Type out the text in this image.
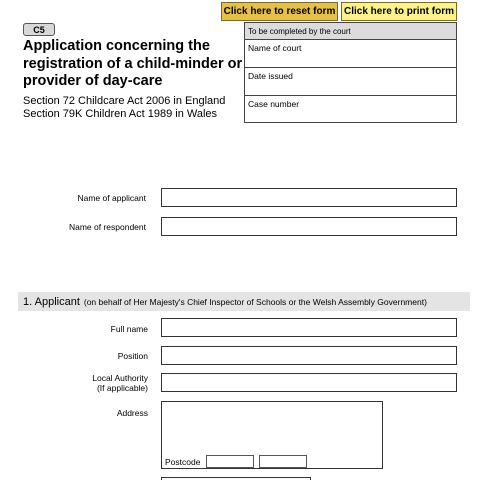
Click here to reset form Click here to print form
C5
Application concerning the registration of a child-minder or provider of day-care
Section 72 Childcare Act 2006 in England
Section 79K Children Act 1989 in Wales
To be completed by the court
Name of court
Date issued
Case number
Name of applicant
Name of respondent
1. Applicant (on behalf of Her Majesty's Chief Inspector of Schools or the Welsh Assembly Government)
Full name
Position
Local Authority
(If applicable)
Address
Postcode
